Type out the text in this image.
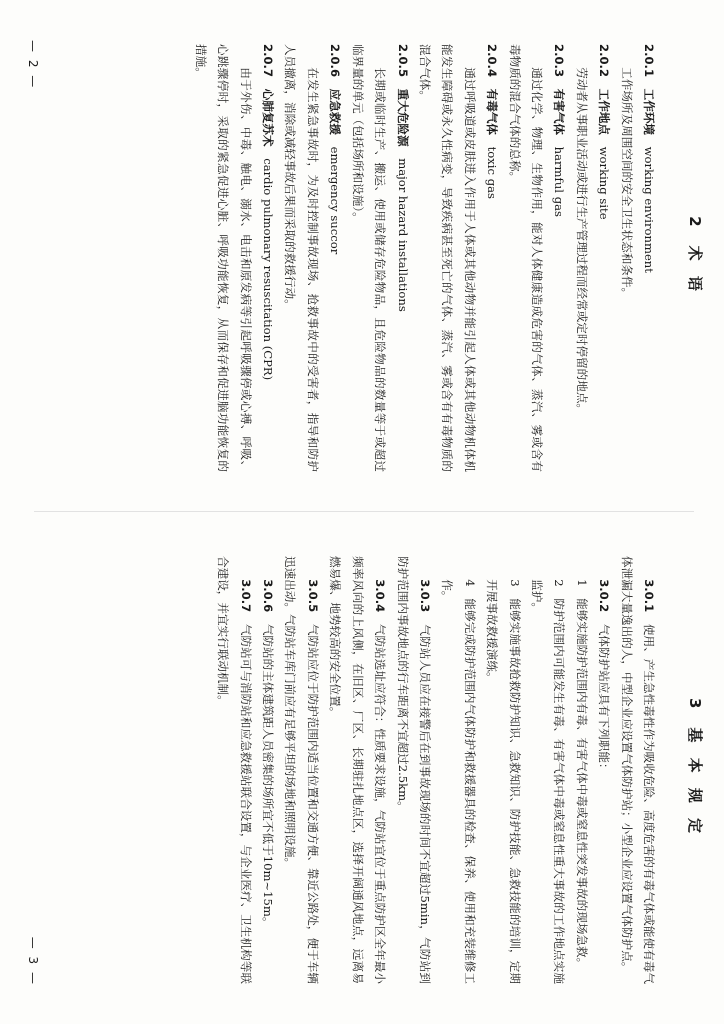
2术 语

2.0.1　工作环境　working environment

工作场所及周围空间的安全卫生状态和条件。

2.0.2　工作地点　working site

劳动者从事职业活动或进行生产管理过程而经常或定时停留的地点。

2.0.3　有害气体　harmful gas

通过化学、物理、生物作用，能对人体健康造成危害的气体、蒸汽、雾或含有毒物质的混合气体的总称。

2.0.4　有毒气体　toxic gas

通过呼吸道或皮肤进入作用于人体或其他动物并能引起人体或其他动物机体机能发生障碍或永久性病变，导致疾病甚至死亡的气体、蒸汽、雾或含有有毒物质的混合气体。

2.0.5　重大危险源　major hazard installations

长期或临时生产、搬运、使用或储存危险物品，且危险物品的数量等于或超过临界量的单元（包括场所和设施）。

2.0.6　应急救援　emergency succor

在发生紧急事故时，为及时控制事故现场、抢救事故中的受害者，指导和防护人员撤离，消除或减轻事故后果而采取的救援行动。

2.0.7　心肺复苏术　cardio pulmonary resuscitation (CPR)

由于外伤、中毒、触电、溺水、电击和原发病等引起呼吸骤停或心搏、呼吸、心跳骤停时，采取的紧急促进心脏、呼吸功能恢复，从而保存和促进脑功能恢复的措施。

— 2 —
3基 本 规 定

3.0.1　使用、产生急性毒性作为吸收危险、高度危害的有毒气体或能使有毒气体泄漏大量逸出的人，中型企业应设置气体防护站；小型企业应设置气体防护点。

3.0.2　气体防护站应具有下列职能：

1　能够实施防护范围内有毒、有害气体中毒或窒息性突发事故的现场急救。

2　防护范围内可能发生有毒、有害气体中毒或窒息性重大事故的工作地点实施监护。

3　能够实施事故抢救防护知识、急救知识、防护技能、急救技能的培训，定期开展事故救援演练。

4　能够完成防护范围内气体防护和救援器具的检查、保养、使用和充装维修工作。

3.0.3　气防站人员应在接警后在到事故现场的时间不宜超过5min，气防站到防护范围内事故地点的行车距离不宜超过2.5km。

3.0.4　气防站选址应符合：性质要求设施，气防站宜位于重点防护区全年最小频率风向的上风侧，在旧区、厂区、长期驻扎地点区，选择开阔通风地点，远离易燃易爆、地势较高的安全位置。

3.0.5　气防站应位于防护范围内适当位置和交通方便、靠近公路处，便于车辆迅速出动。气防站车库门前应有足够平坦的场地和照明设施。

3.0.6　气防站的主体建筑距人员密集的场所宜不低于10m~15m。

3.0.7　气防站可与消防站和应急救援站联合设置，与企业医疗、卫生机构等联合建设，并宜实行联动机制。

— 3 —
